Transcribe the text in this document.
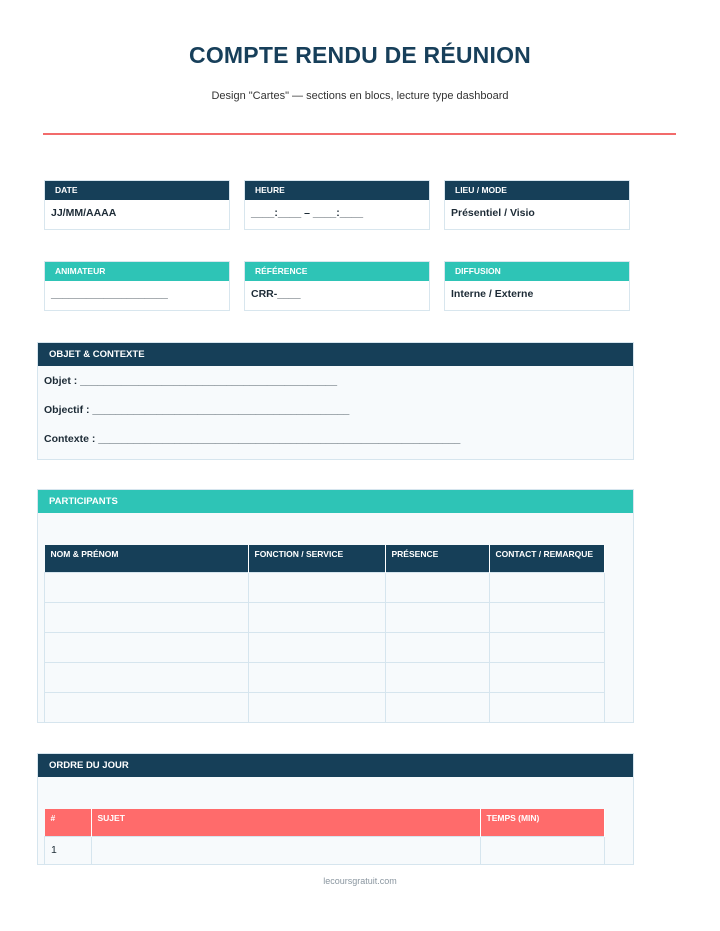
COMPTE RENDU DE RÉUNION
Design "Cartes" — sections en blocs, lecture type dashboard
DATE
JJ/MM/AAAA
HEURE
____:____ – ____:____
LIEU / MODE
Présentiel / Visio
ANIMATEUR
____________________
RÉFÉRENCE
CRR-____
DIFFUSION
Interne / Externe
OBJET & CONTEXTE
Objet : ____________________________________________
Objectif : ____________________________________________
Contexte : ______________________________________________________________
PARTICIPANTS
NOM & PRÉNOM	FONCTION / SERVICE	PRÉSENCE	CONTACT / REMARQUE

ORDRE DU JOUR
#	SUJET	TEMPS (MIN)
1		
lecoursgratuit.com
